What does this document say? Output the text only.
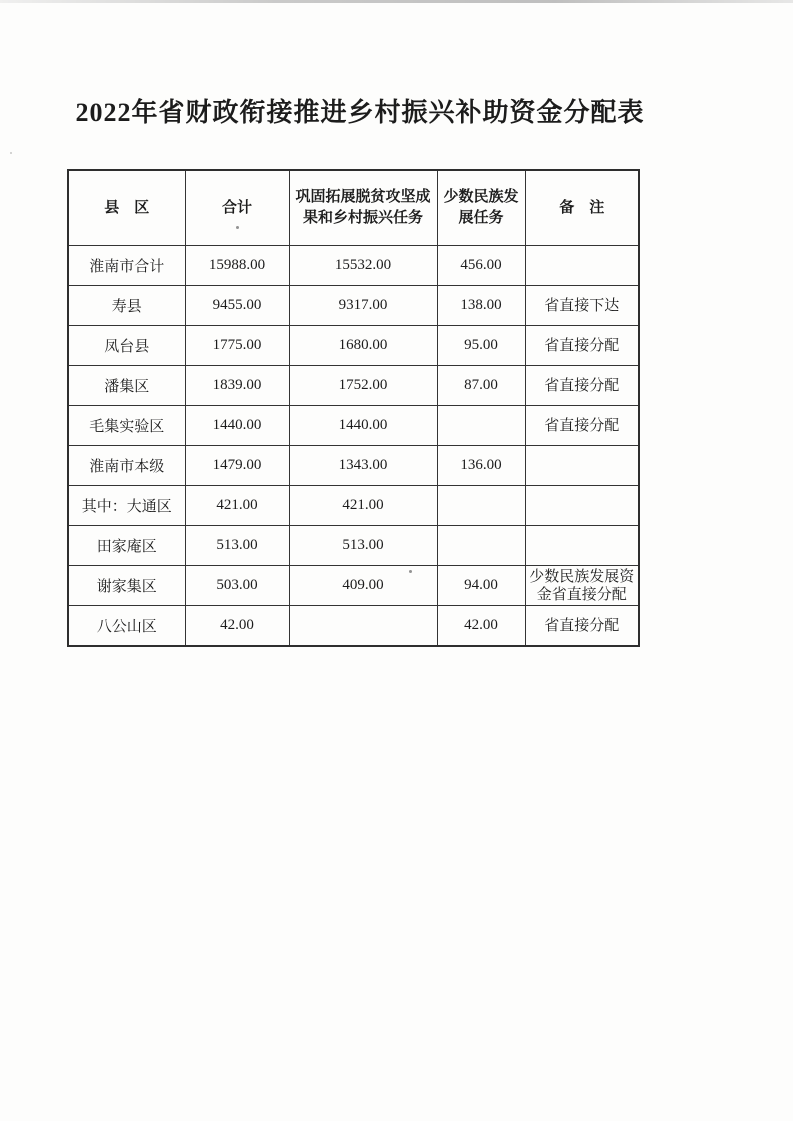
2022年省财政衔接推进乡村振兴补助资金分配表
县　区	合计	巩固拓展脱贫攻坚成果和乡村振兴任务	少数民族发展任务	备　注
淮南市合计	15988.00	15532.00	456.00	
寿县	9455.00	9317.00	138.00	省直接下达
凤台县	1775.00	1680.00	95.00	省直接分配
潘集区	1839.00	1752.00	87.00	省直接分配
毛集实验区	1440.00	1440.00		省直接分配
淮南市本级	1479.00	1343.00	136.00	
其中：大通区	421.00	421.00		
田家庵区	513.00	513.00		
谢家集区	503.00	409.00	94.00	少数民族发展资金省直接分配
八公山区	42.00		42.00	省直接分配
